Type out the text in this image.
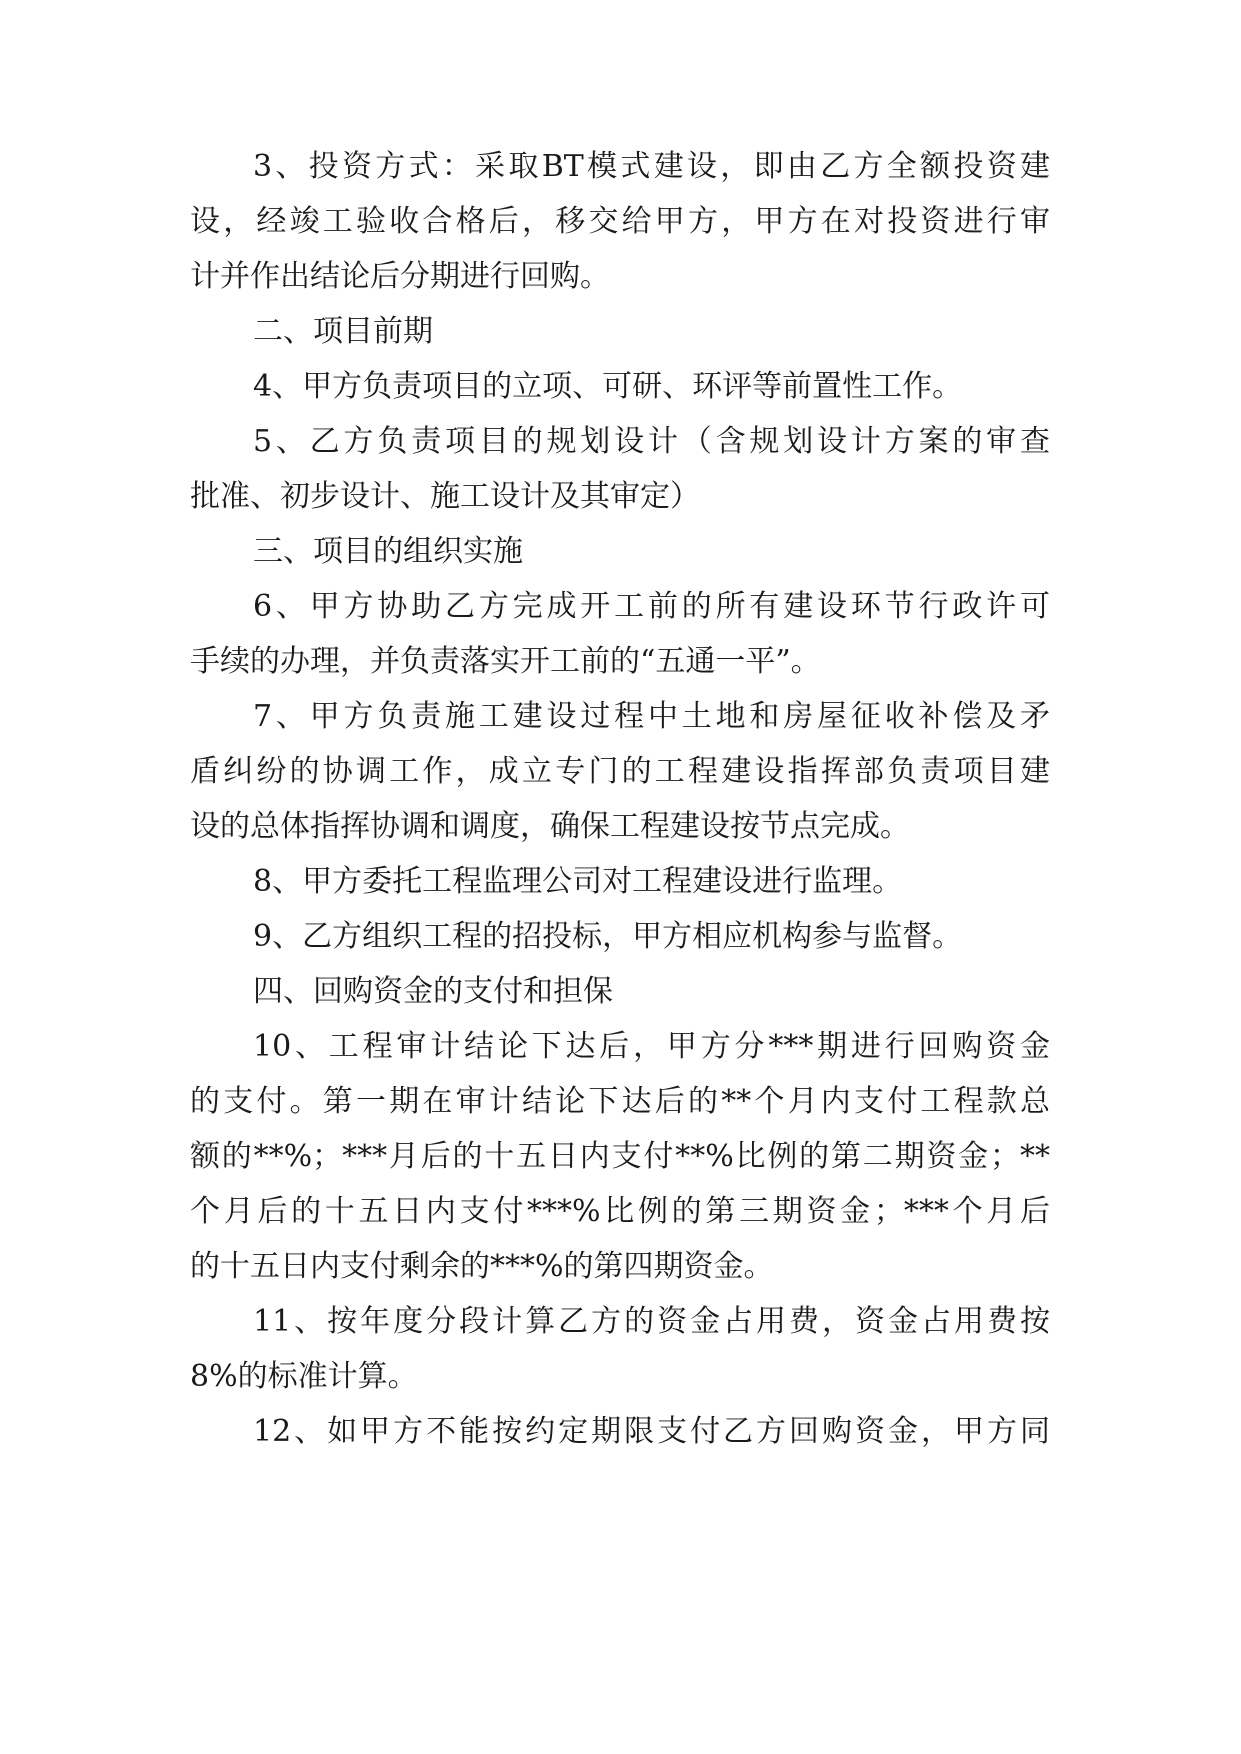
3、投资方式：采取BT模式建设，即由乙方全额投资建
设，经竣工验收合格后，移交给甲方，甲方在对投资进行审
计并作出结论后分期进行回购。
二、项目前期
4、甲方负责项目的立项、可研、环评等前置性工作。
5、乙方负责项目的规划设计（含规划设计方案的审查
批准、初步设计、施工设计及其审定）
三、项目的组织实施
6、甲方协助乙方完成开工前的所有建设环节行政许可
手续的办理，并负责落实开工前的“五通一平”。
7、甲方负责施工建设过程中土地和房屋征收补偿及矛
盾纠纷的协调工作，成立专门的工程建设指挥部负责项目建
设的总体指挥协调和调度，确保工程建设按节点完成。
8、甲方委托工程监理公司对工程建设进行监理。
9、乙方组织工程的招投标，甲方相应机构参与监督。
四、回购资金的支付和担保
10、工程审计结论下达后，甲方分***期进行回购资金
的支付。第一期在审计结论下达后的**个月内支付工程款总
额的**%；***月后的十五日内支付**%比例的第二期资金；**
个月后的十五日内支付***%比例的第三期资金；***个月后
的十五日内支付剩余的***%的第四期资金。
11、按年度分段计算乙方的资金占用费，资金占用费按
8%的标准计算。
12、如甲方不能按约定期限支付乙方回购资金，甲方同
